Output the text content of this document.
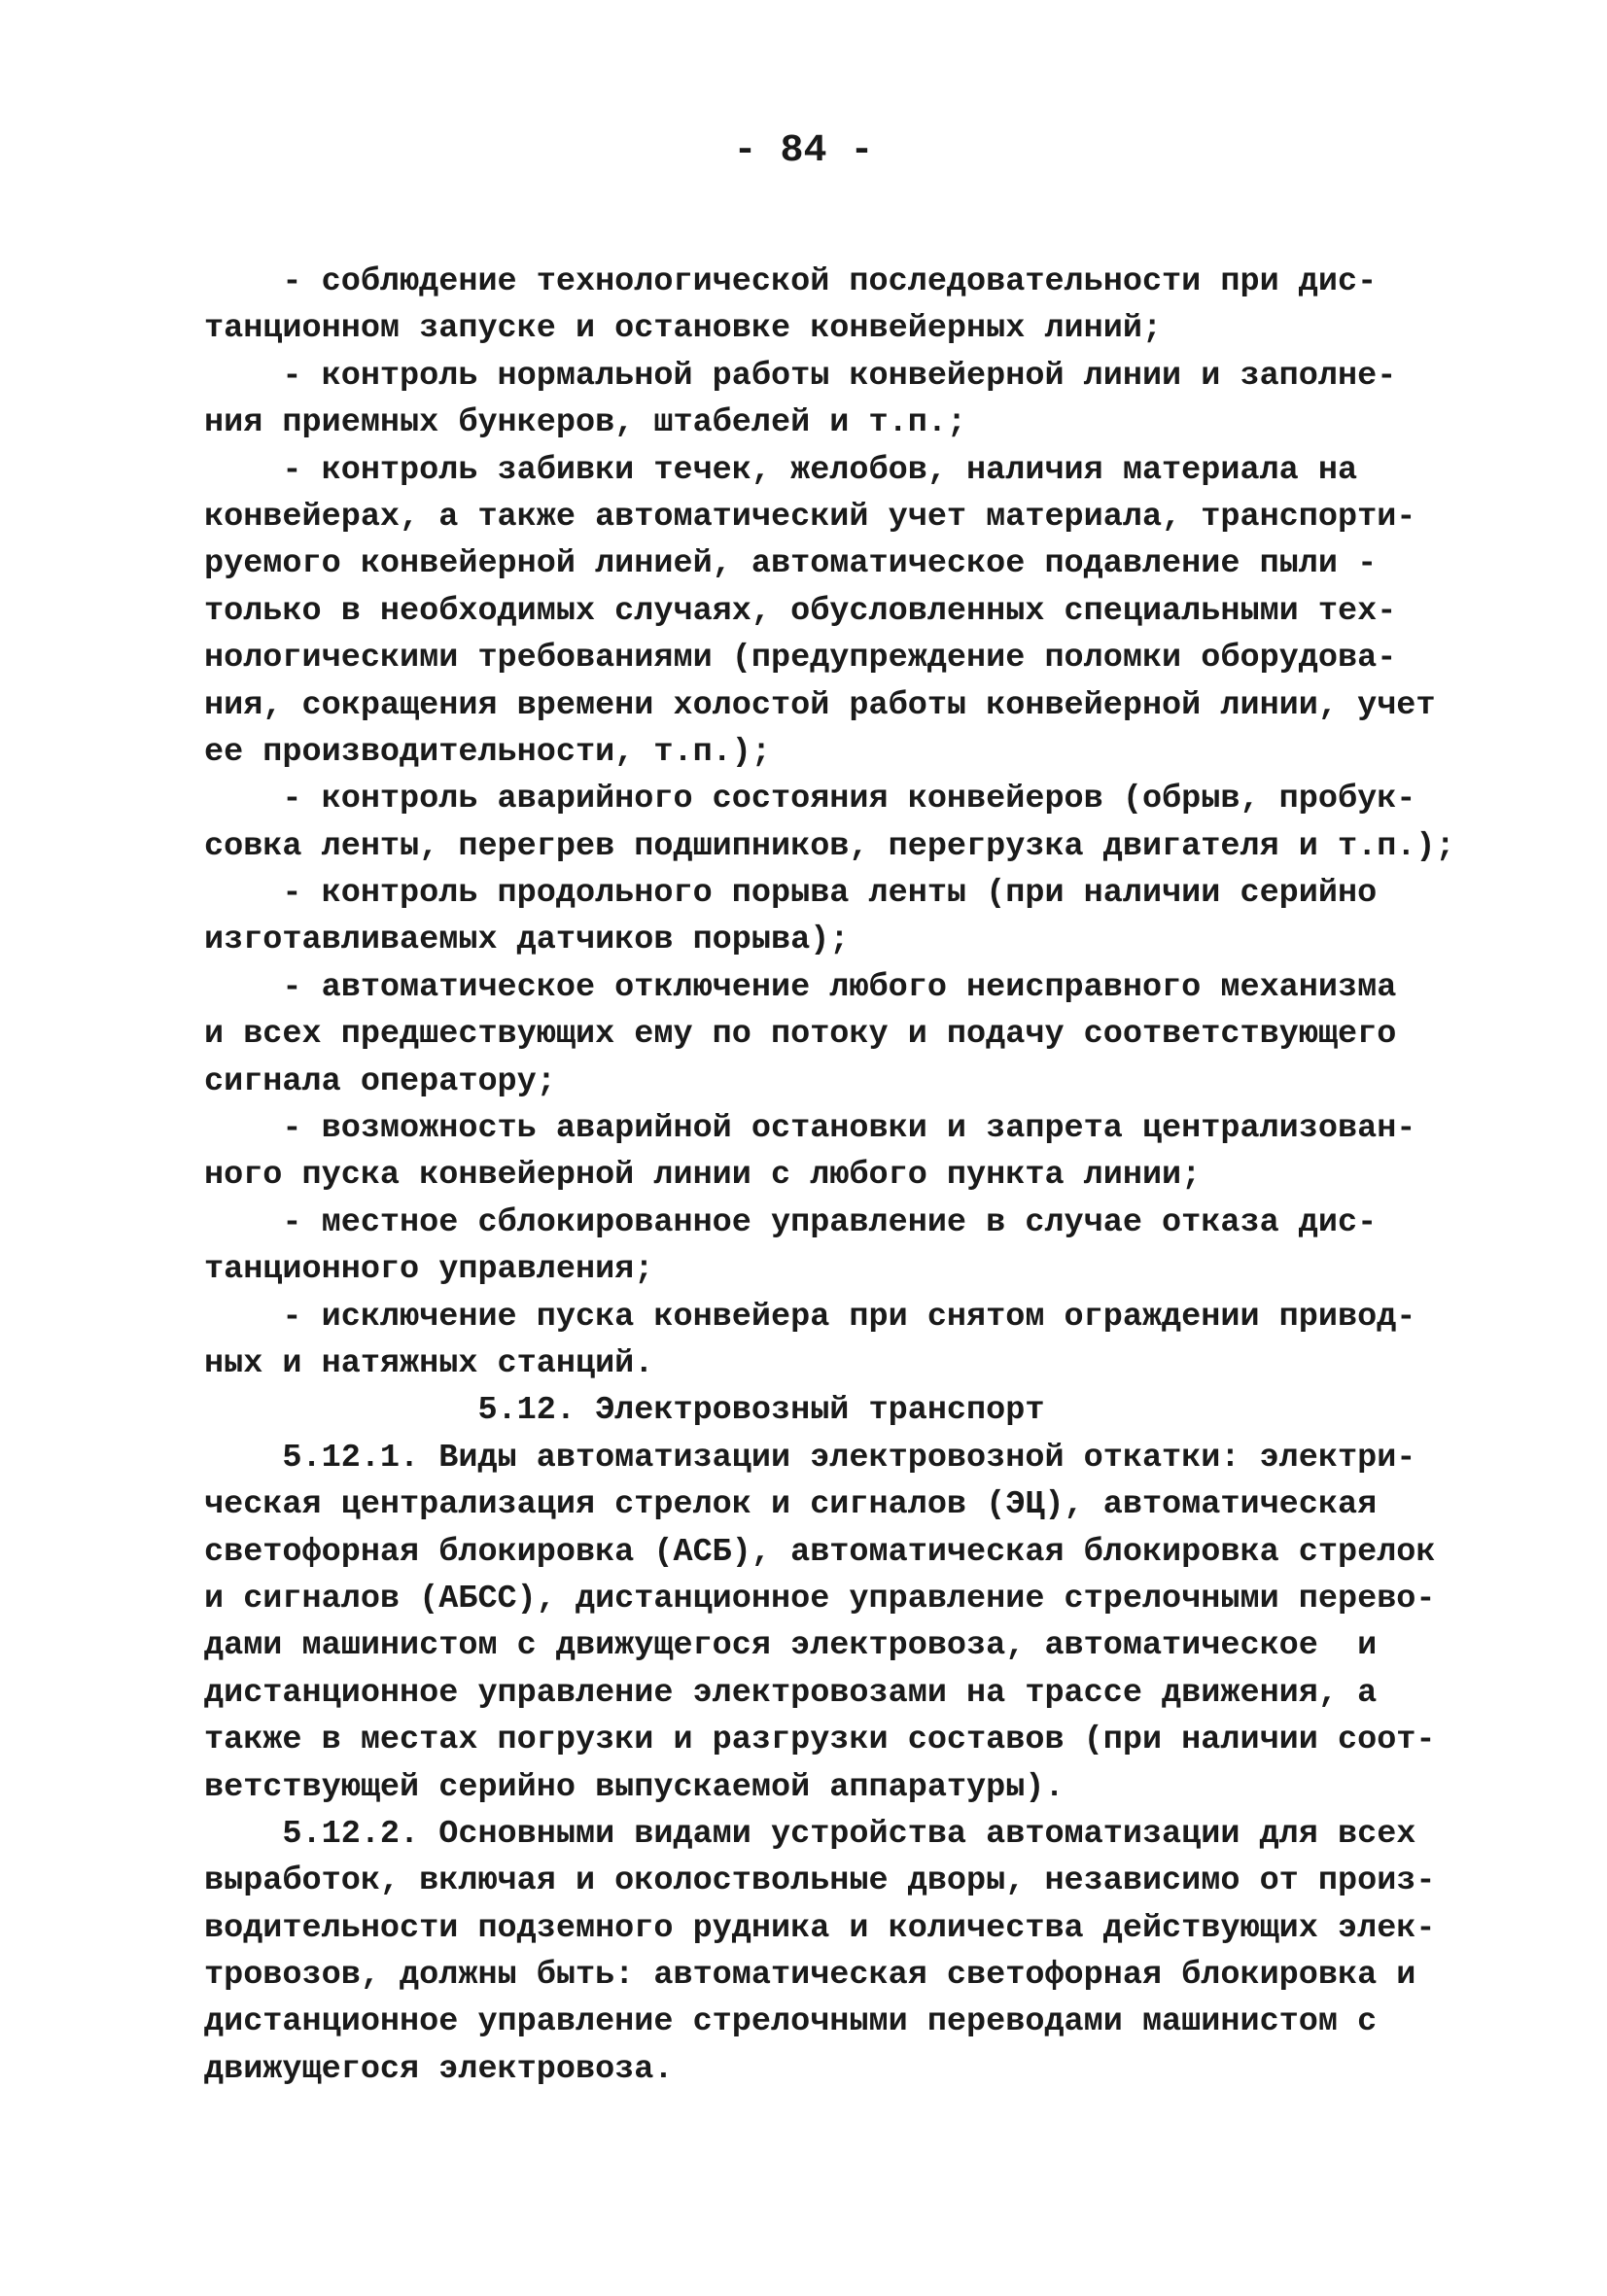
- 84 -
- соблюдение технологической последовательности при дис-
танционном запуске и остановке конвейерных линий;
- контроль нормальной работы конвейерной линии и заполне-
ния приемных бункеров, штабелей и т.п.;
- контроль забивки течек, желобов, наличия материала на
конвейерах, а также автоматический учет материала, транспорти-
руемого конвейерной линией, автоматическое подавление пыли -
только в необходимых случаях, обусловленных специальными тех-
нологическими требованиями (предупреждение поломки оборудова-
ния, сокращения времени холостой работы конвейерной линии, учет
ее производительности, т.п.);
- контроль аварийного состояния конвейеров (обрыв, пробук-
совка ленты, перегрев подшипников, перегрузка двигателя и т.п.);
- контроль продольного порыва ленты (при наличии серийно
изготавливаемых датчиков порыва);
- автоматическое отключение любого неисправного механизма
и всех предшествующих ему по потоку и подачу соответствующего
сигнала оператору;
- возможность аварийной остановки и запрета централизован-
ного пуска конвейерной линии с любого пункта линии;
- местное сблокированное управление в случае отказа дис-
танционного управления;
- исключение пуска конвейера при снятом ограждении привод-
ных и натяжных станций.
5.12. Электровозный транспорт
5.12.1. Виды автоматизации электровозной откатки: электри-
ческая централизация стрелок и сигналов (ЭЦ), автоматическая
светофорная блокировка (АСБ), автоматическая блокировка стрелок
и сигналов (АБСС), дистанционное управление стрелочными перево-
дами машинистом с движущегося электровоза, автоматическое  и
дистанционное управление электровозами на трассе движения, а
также в местах погрузки и разгрузки составов (при наличии соот-
ветствующей серийно выпускаемой аппаратуры).
5.12.2. Основными видами устройства автоматизации для всех
выработок, включая и околоствольные дворы, независимо от произ-
водительности подземного рудника и количества действующих элек-
тровозов, должны быть: автоматическая светофорная блокировка и
дистанционное управление стрелочными переводами машинистом с
движущегося электровоза.
